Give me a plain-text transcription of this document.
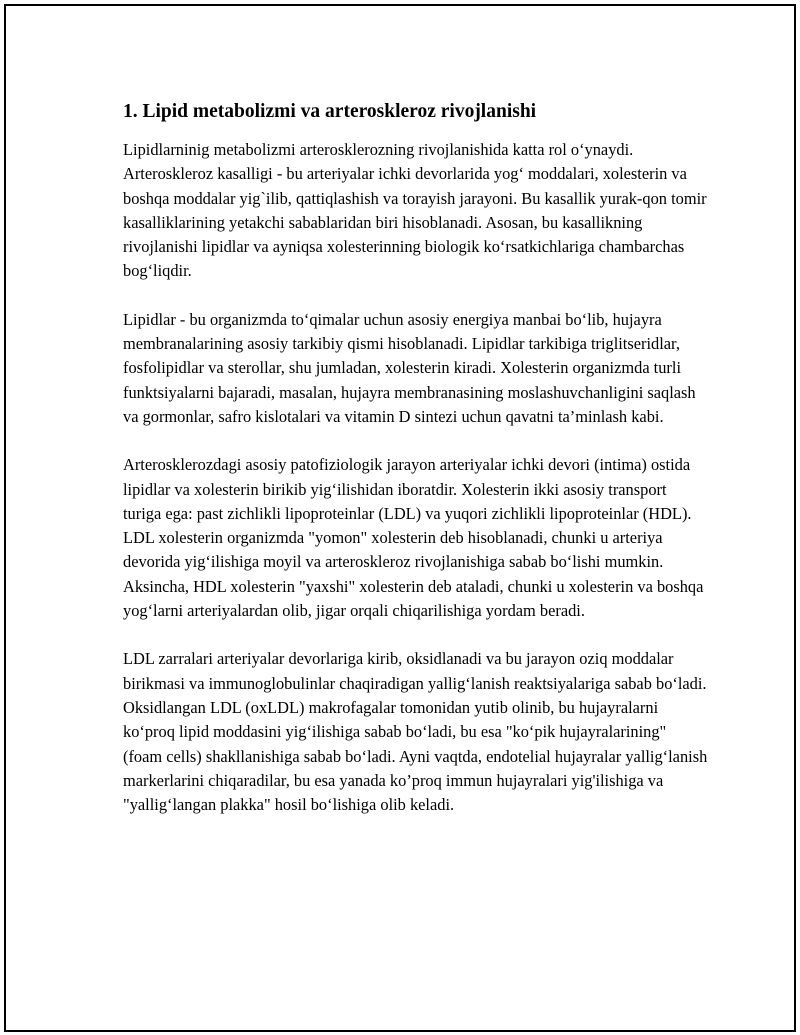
1. Lipid metabolizmi va arteroskleroz rivojlanishi

Lipidlarninig metabolizmi arterosklerozning rivojlanishida katta rol o‘ynaydi. Arteroskleroz kasalligi - bu arteriyalar ichki devorlarida yog‘ moddalari, xolesterin va boshqa moddalar yig`ilib, qattiqlashish va torayish jarayoni. Bu kasallik yurak-qon tomir kasalliklarining yetakchi sabablaridan biri hisoblanadi. Asosan, bu kasallikning rivojlanishi lipidlar va ayniqsa xolesterinning biologik ko‘rsatkichlariga chambarchas bog‘liqdir.

Lipidlar - bu organizmda to‘qimalar uchun asosiy energiya manbai bo‘lib, hujayra membranalarining asosiy tarkibiy qismi hisoblanadi. Lipidlar tarkibiga triglitseridlar, fosfolipidlar va sterollar, shu jumladan, xolesterin kiradi. Xolesterin organizmda turli funktsiyalarni bajaradi, masalan, hujayra membranasining moslashuvchanligini saqlash va gormonlar, safro kislotalari va vitamin D sintezi uchun qavatni ta’minlash kabi.

Arterosklerozdagi asosiy patofiziologik jarayon arteriyalar ichki devori (intima) ostida lipidlar va xolesterin birikib yig‘ilishidan iboratdir. Xolesterin ikki asosiy transport turiga ega: past zichlikli lipoproteinlar (LDL) va yuqori zichlikli lipoproteinlar (HDL). LDL xolesterin organizmda "yomon" xolesterin deb hisoblanadi, chunki u arteriya devorida yig‘ilishiga moyil va arteroskleroz rivojlanishiga sabab bo‘lishi mumkin. Aksincha, HDL xolesterin "yaxshi" xolesterin deb ataladi, chunki u xolesterin va boshqa yog‘larni arteriyalardan olib, jigar orqali chiqarilishiga yordam beradi.

LDL zarralari arteriyalar devorlariga kirib, oksidlanadi va bu jarayon oziq moddalar birikmasi va immunoglobulinlar chaqiradigan yallig‘lanish reaktsiyalariga sabab bo‘ladi. Oksidlangan LDL (oxLDL) makrofagalar tomonidan yutib olinib, bu hujayralarni ko‘proq lipid moddasini yig‘ilishiga sabab bo‘ladi, bu esa "ko‘pik hujayralarining" (foam cells) shakllanishiga sabab bo‘ladi. Ayni vaqtda, endotelial hujayralar yallig‘lanish markerlarini chiqaradilar, bu esa yanada ko’proq immun hujayralari yig'ilishiga va "yallig‘langan plakka" hosil bo‘lishiga olib keladi.
